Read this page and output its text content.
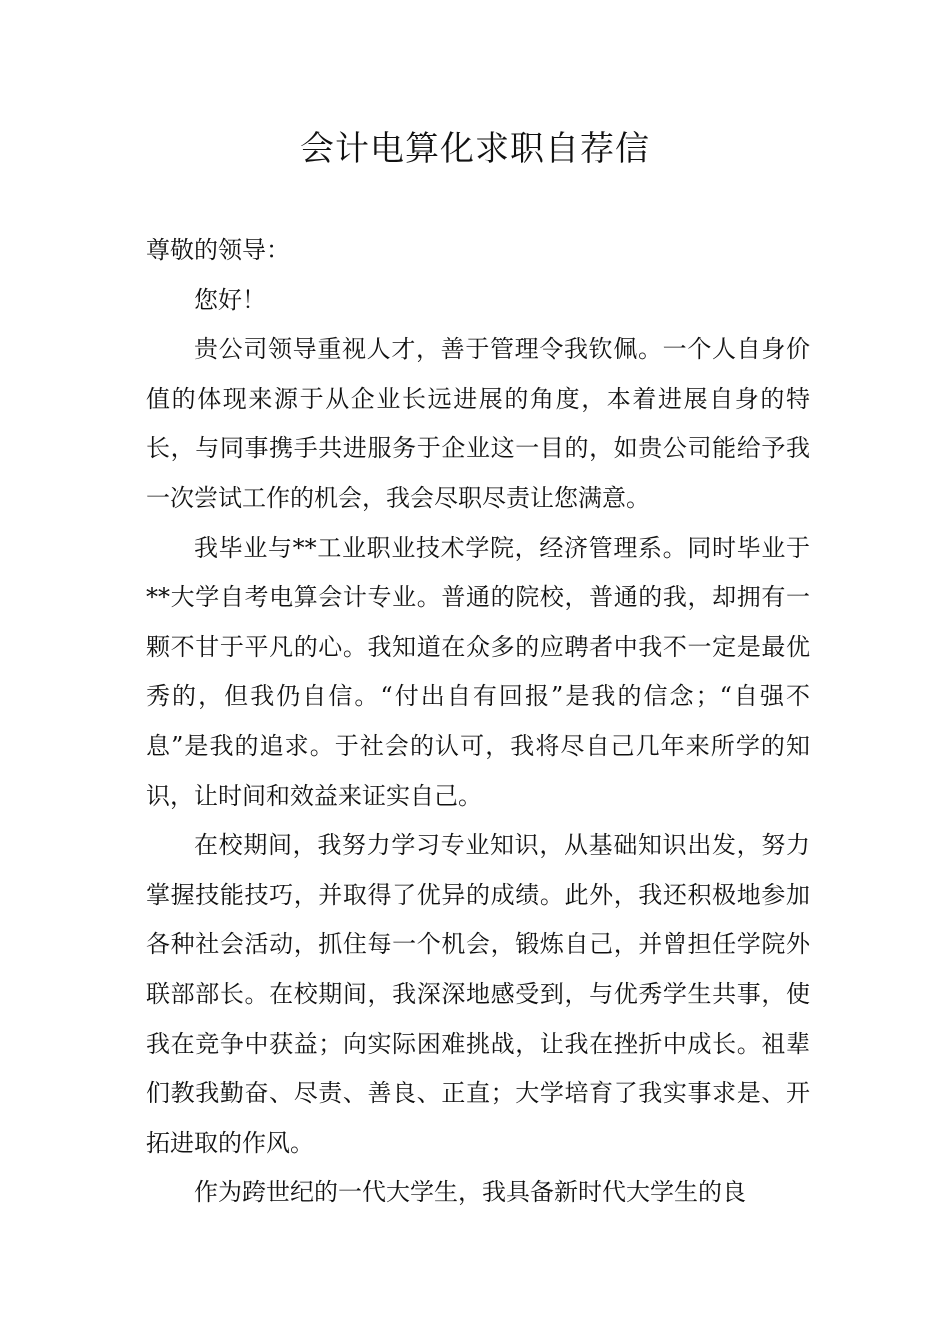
会计电算化求职自荐信

尊敬的领导：

您好！

贵公司领导重视人才，善于管理令我钦佩。一个人自身价值的体现来源于从企业长远进展的角度，本着进展自身的特长，与同事携手共进服务于企业这一目的，如贵公司能给予我一次尝试工作的机会，我会尽职尽责让您满意。

我毕业与**工业职业技术学院，经济管理系。同时毕业于**大学自考电算会计专业。普通的院校，普通的我，却拥有一颗不甘于平凡的心。我知道在众多的应聘者中我不一定是最优秀的，但我仍自信。“付出自有回报”是我的信念；“自强不息”是我的追求。于社会的认可，我将尽自己几年来所学的知识，让时间和效益来证实自己。

在校期间，我努力学习专业知识，从基础知识出发，努力掌握技能技巧，并取得了优异的成绩。此外，我还积极地参加各种社会活动，抓住每一个机会，锻炼自己，并曾担任学院外联部部长。在校期间，我深深地感受到，与优秀学生共事，使我在竞争中获益；向实际困难挑战，让我在挫折中成长。祖辈们教我勤奋、尽责、善良、正直；大学培育了我实事求是、开拓进取的作风。

作为跨世纪的一代大学生，我具备新时代大学生的良
